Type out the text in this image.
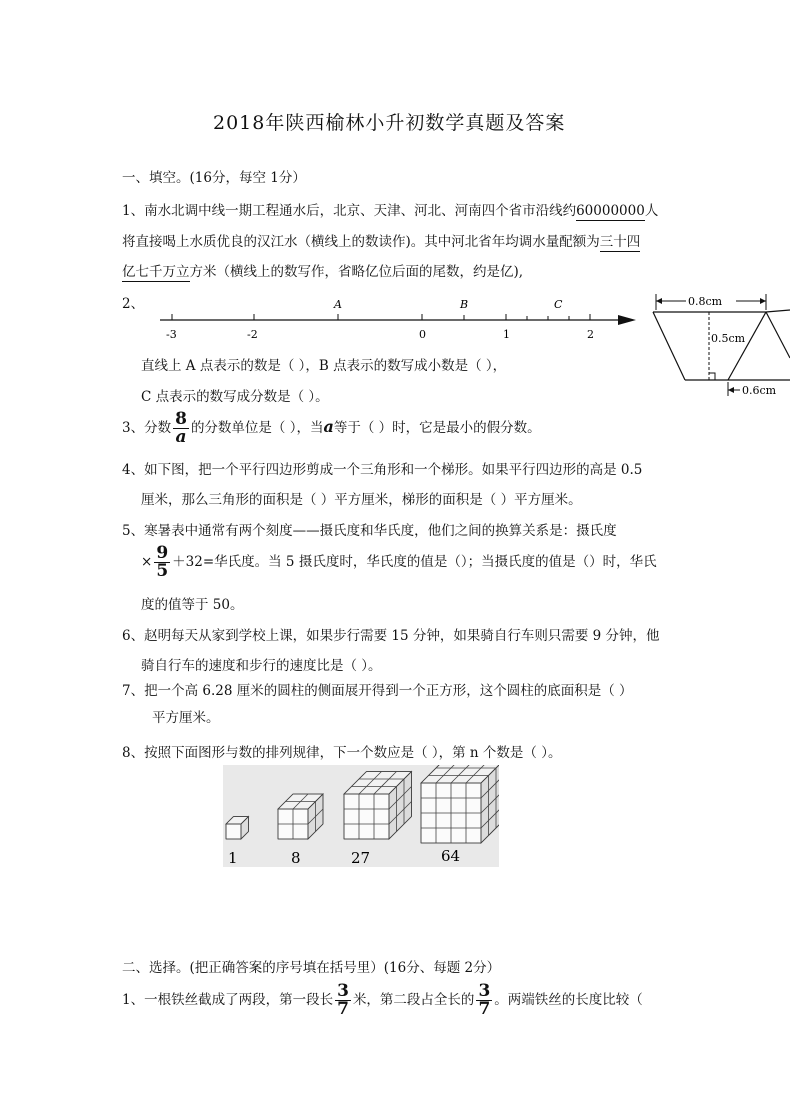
2018年陕西榆林小升初数学真题及答案
一、填空。(16分，每空 1分）
1、南水北调中线一期工程通水后，北京、天津、河北、河南四个省市沿线约60000000人
将直接喝上水质优良的汉江水（横线上的数读作)。其中河北省年均调水量配额为三十四
亿七千万立方米（横线上的数写作，省略亿位后面的尾数，约是亿),
2、
-3	-2	0	1	2
A	B	C	0.8cm
0.5cm
0.6cm
直线上 A 点表示的数是（ ），B 点表示的数写成小数是（ ），
C 点表示的数写成分数是（ ）。
3、分数 $\frac{8}{a}$ 的分数单位是（ ），当a等于（ ）时，它是最小的假分数。
4、如下图，把一个平行四边形剪成一个三角形和一个梯形。如果平行四边形的高是 0.5
厘米，那么三角形的面积是（ ）平方厘米，梯形的面积是（ ）平方厘米。
5、寒暑表中通常有两个刻度——摄氏度和华氏度，他们之间的换算关系是：摄氏度
× $\frac{9}{5} +32=$华氏度。当 5 摄氏度时，华氏度的值是（）；当摄氏度的值是（）时，华氏
度的值等于 50。
6、赵明每天从家到学校上课，如果步行需要 15 分钟，如果骑自行车则只需要 9 分钟，他
骑自行车的速度和步行的速度比是（ ）。
7、把一个高 6.28 厘米的圆柱的侧面展开得到一个正方形，这个圆柱的底面积是（ ）
平方厘米。
8、按照下面图形与数的排列规律，下一个数应是（ ），第 n 个数是（ ）。
1	8	27	64
二、选择。(把正确答案的序号填在括号里）(16分、每题 2分）
1、一根铁丝截成了两段，第一段长 $\frac{3}{7}$ 米，第二段占全长的 $\frac{3}{7}$ 。两端铁丝的长度比较（
